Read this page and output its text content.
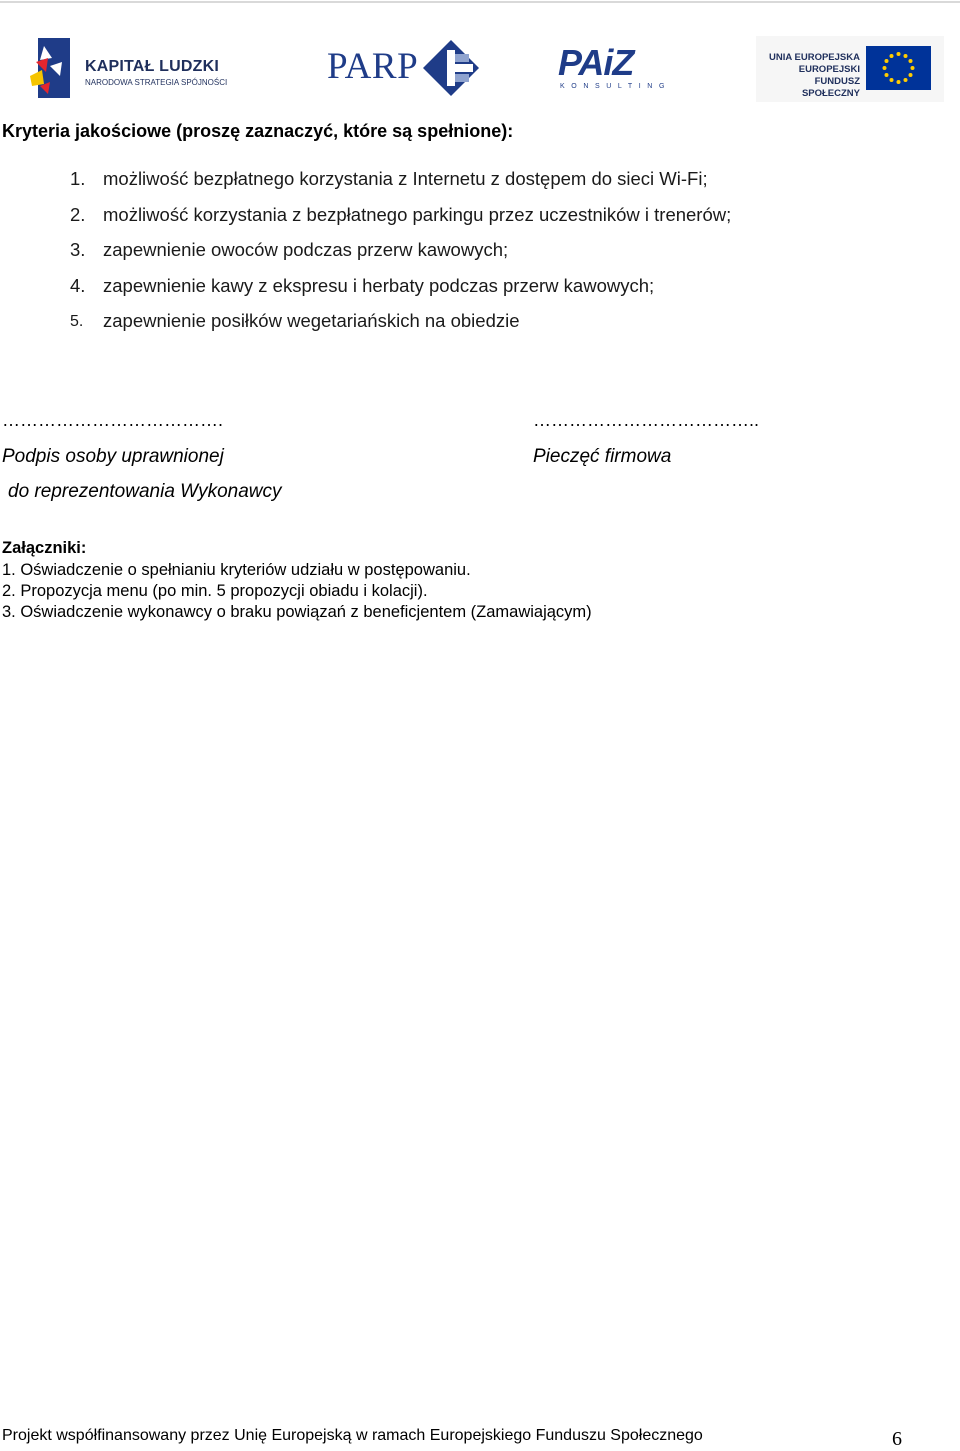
KAPITAŁ LUDZKI
NARODOWA STRATEGIA SPÓJNOŚCI	PARP	PAiZ
KONSULTING
UNIA EUROPEJSKA
EUROPEJSKI
FUNDUSZ SPOŁECZNY
Kryteria jakościowe (proszę zaznaczyć, które są spełnione):
1. możliwość bezpłatnego korzystania z Internetu z dostępem do sieci Wi-Fi;
2. możliwość korzystania z bezpłatnego parkingu przez uczestników i trenerów;
3. zapewnienie owoców podczas przerw kawowych;
4. zapewnienie kawy z ekspresu i herbaty podczas przerw kawowych;
5. zapewnienie posiłków wegetariańskich na obiedzie
……………………………….	………………………………..
Podpis osoby uprawnionej
do reprezentowania Wykonawcy
Pieczęć firmowa
Załączniki:
1. Oświadczenie o spełnianiu kryteriów udziału w postępowaniu.
2. Propozycja menu (po min. 5 propozycji obiadu i kolacji).
3. Oświadczenie wykonawcy o braku powiązań z beneficjentem (Zamawiającym)
Projekt współfinansowany przez Unię Europejską w ramach Europejskiego Funduszu Społecznego	6
